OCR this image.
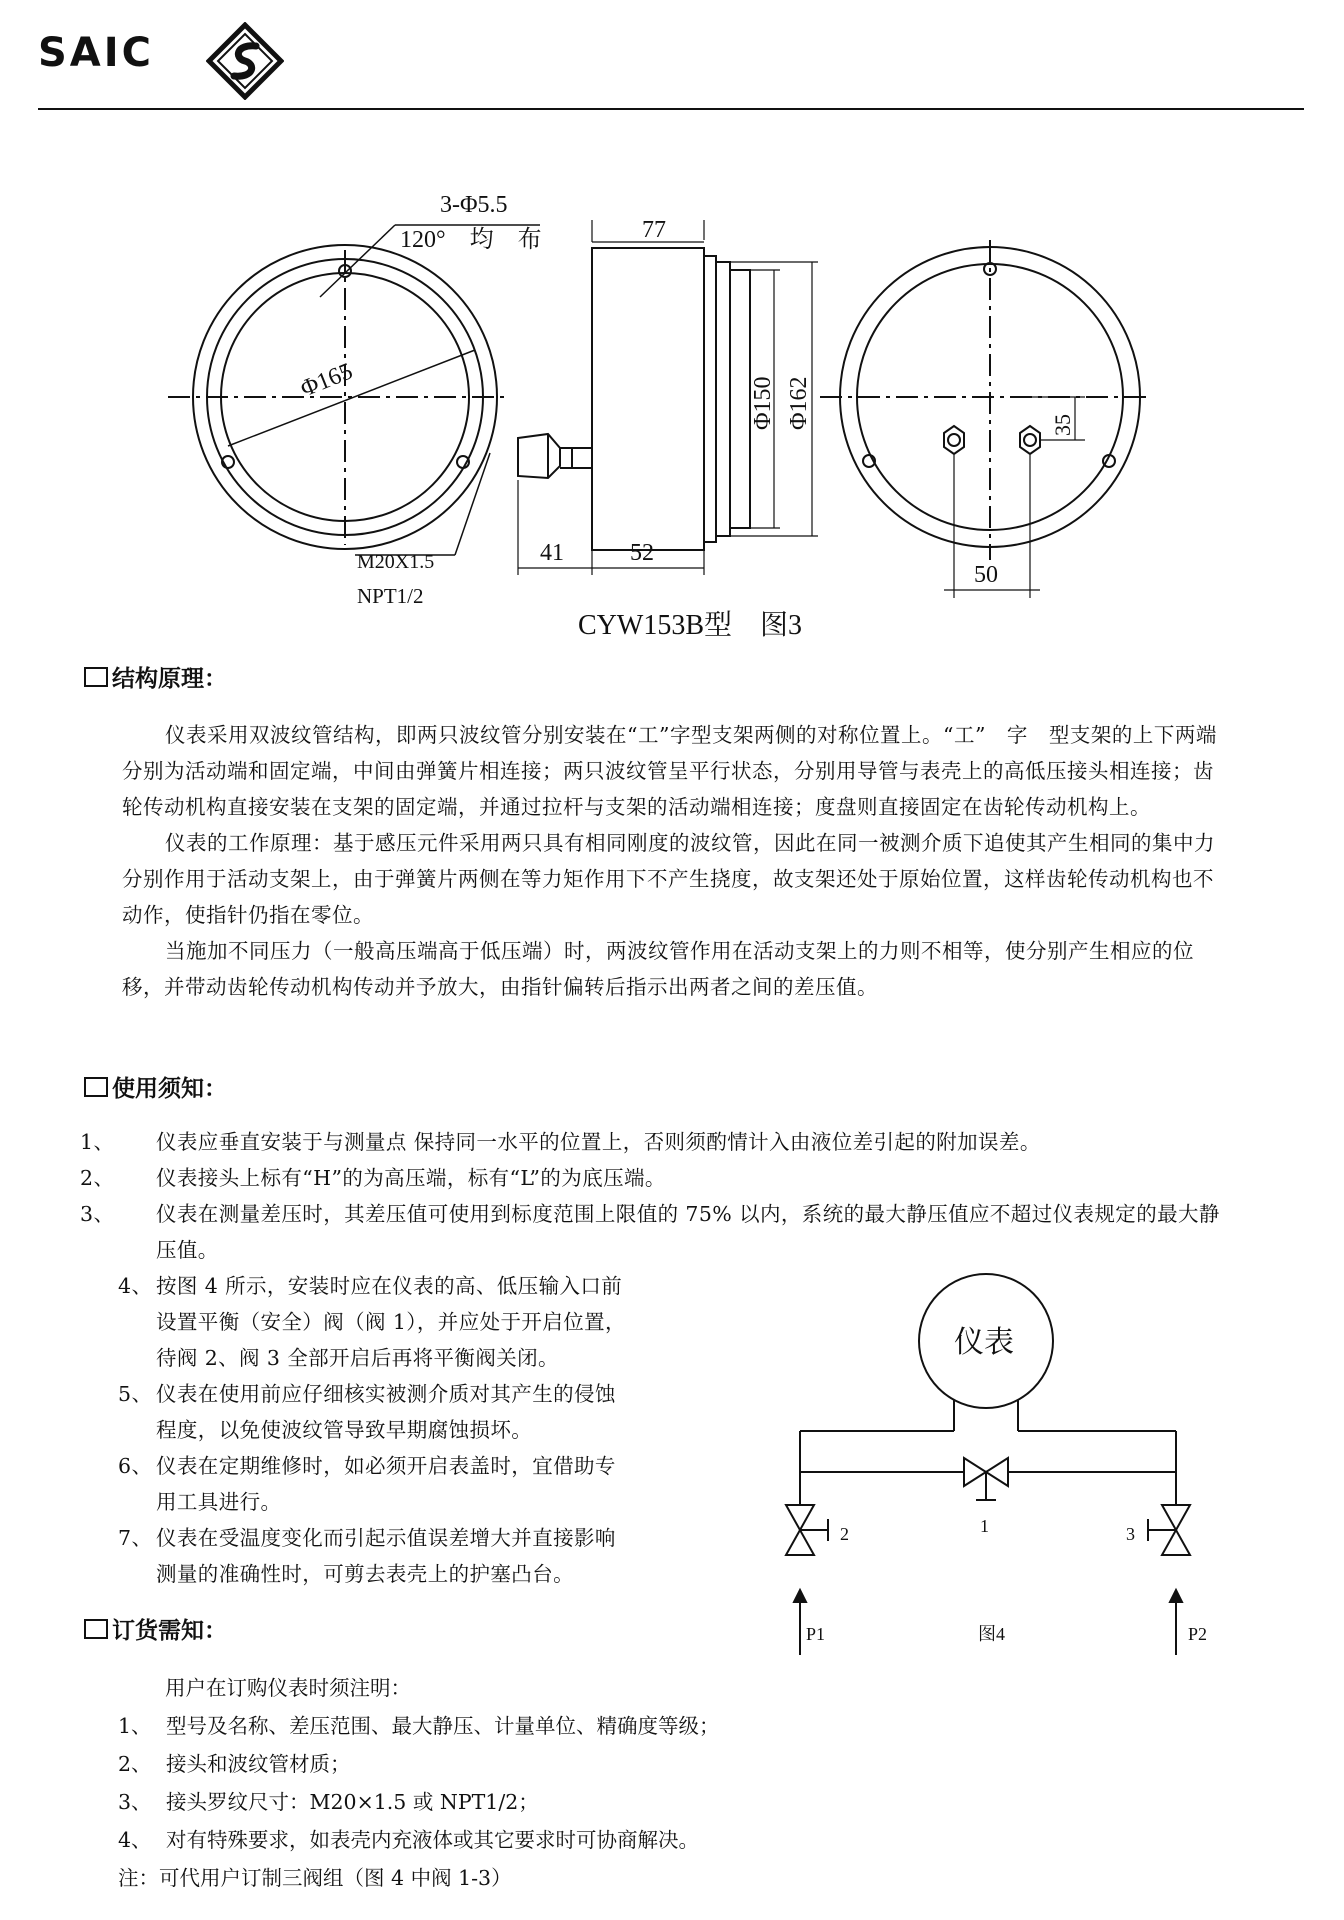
SAIC
3-Φ5.5
120°　均　布
Φ165
M20X1.5
NPT1/2
77
41	52
Φ150 Φ162
50
35
CYW153B型　图3
结构原理：

仪表采用双波纹管结构，即两只波纹管分别安装在“工”字型支架两侧的对称位置上。“工”　字　型支架的上下两端分别为活动端和固定端，中间由弹簧片相连接；两只波纹管呈平行状态，分别用导管与表壳上的高低压接头相连接；齿轮传动机构直接安装在支架的固定端，并通过拉杆与支架的活动端相连接；度盘则直接固定在齿轮传动机构上。

仪表的工作原理：基于感压元件采用两只具有相同刚度的波纹管，因此在同一被测介质下追使其产生相同的集中力分别作用于活动支架上，由于弹簧片两侧在等力矩作用下不产生挠度，故支架还处于原始位置，这样齿轮传动机构也不动作，使指针仍指在零位。

当施加不同压力（一般高压端高于低压端）时，两波纹管作用在活动支架上的力则不相等，使分别产生相应的位移，并带动齿轮传动机构传动并予放大，由指针偏转后指示出两者之间的差压值。

使用须知：
1、 仪表应垂直安装于与测量点 保持同一水平的位置上，否则须酌情计入由液位差引起的附加误差。
2、 仪表接头上标有“H”的为高压端，标有“L”的为底压端。
3、 仪表在测量差压时，其差压值可使用到标度范围上限值的 75% 以内，系统的最大静压值应不超过仪表规定的最大静压值。
4、 按图 4 所示，安装时应在仪表的高、低压输入口前
设置平衡（安全）阀（阀 1），并应处于开启位置，
待阀 2、阀 3 全部开启后再将平衡阀关闭。
5、 仪表在使用前应仔细核实被测介质对其产生的侵蚀
程度，以免使波纹管导致早期腐蚀损坏。
6、 仪表在定期维修时，如必须开启表盖时，宜借助专
用工具进行。
7、 仪表在受温度变化而引起示值误差增大并直接影响
测量的准确性时，可剪去表壳上的护塞凸台。
仪表
1
2	3
P1	P2
图4
订货需知：
用户在订购仪表时须注明：
1、 型号及名称、差压范围、最大静压、计量单位、精确度等级；
2、 接头和波纹管材质；
3、 接头罗纹尺寸：M20×1.5 或 NPT1/2；
4、 对有特殊要求，如表壳内充液体或其它要求时可协商解决。
注：可代用户订制三阀组（图 4 中阀 1-3）
